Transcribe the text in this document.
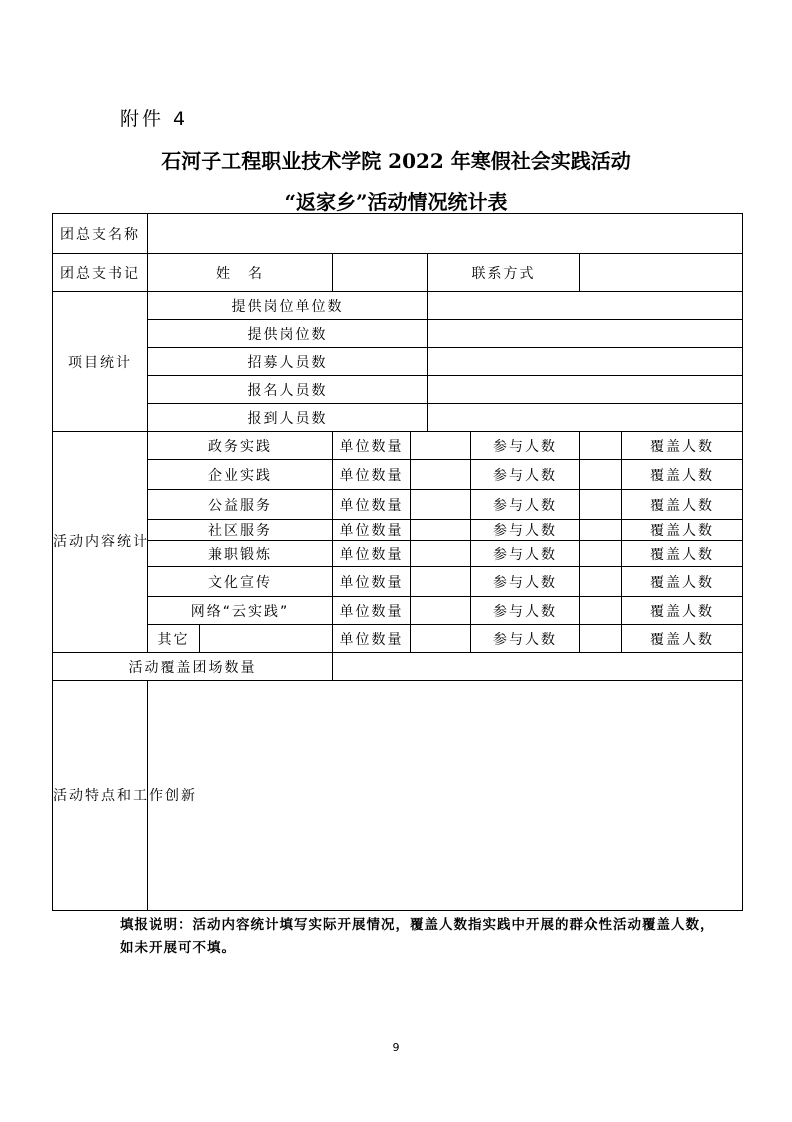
附件 4
石河子工程职业技术学院 2022 年寒假社会实践活动
“返家乡”活动情况统计表
团总支名称								
团总支书记	姓　名				联系方式			
项目统计	提供岗位单位数							
	提供岗位数							
	招募人员数							
	报名人员数							
	报到人员数							
活动内容统计	政务实践		单位数量			参与人数		覆盖人数
	企业实践		单位数量			参与人数		覆盖人数
	公益服务		单位数量			参与人数		覆盖人数
	社区服务		单位数量			参与人数		覆盖人数
	兼职锻炼		单位数量			参与人数		覆盖人数
	文化宣传		单位数量			参与人数		覆盖人数
	网络“云实践”		单位数量			参与人数		覆盖人数
	其它		单位数量			参与人数		覆盖人数
活动覆盖团场数量								
活动特点和工作创新								
填报说明：活动内容统计填写实际开展情况，覆盖人数指实践中开展的群众性活动覆盖人数，如未开展可不填。
9
